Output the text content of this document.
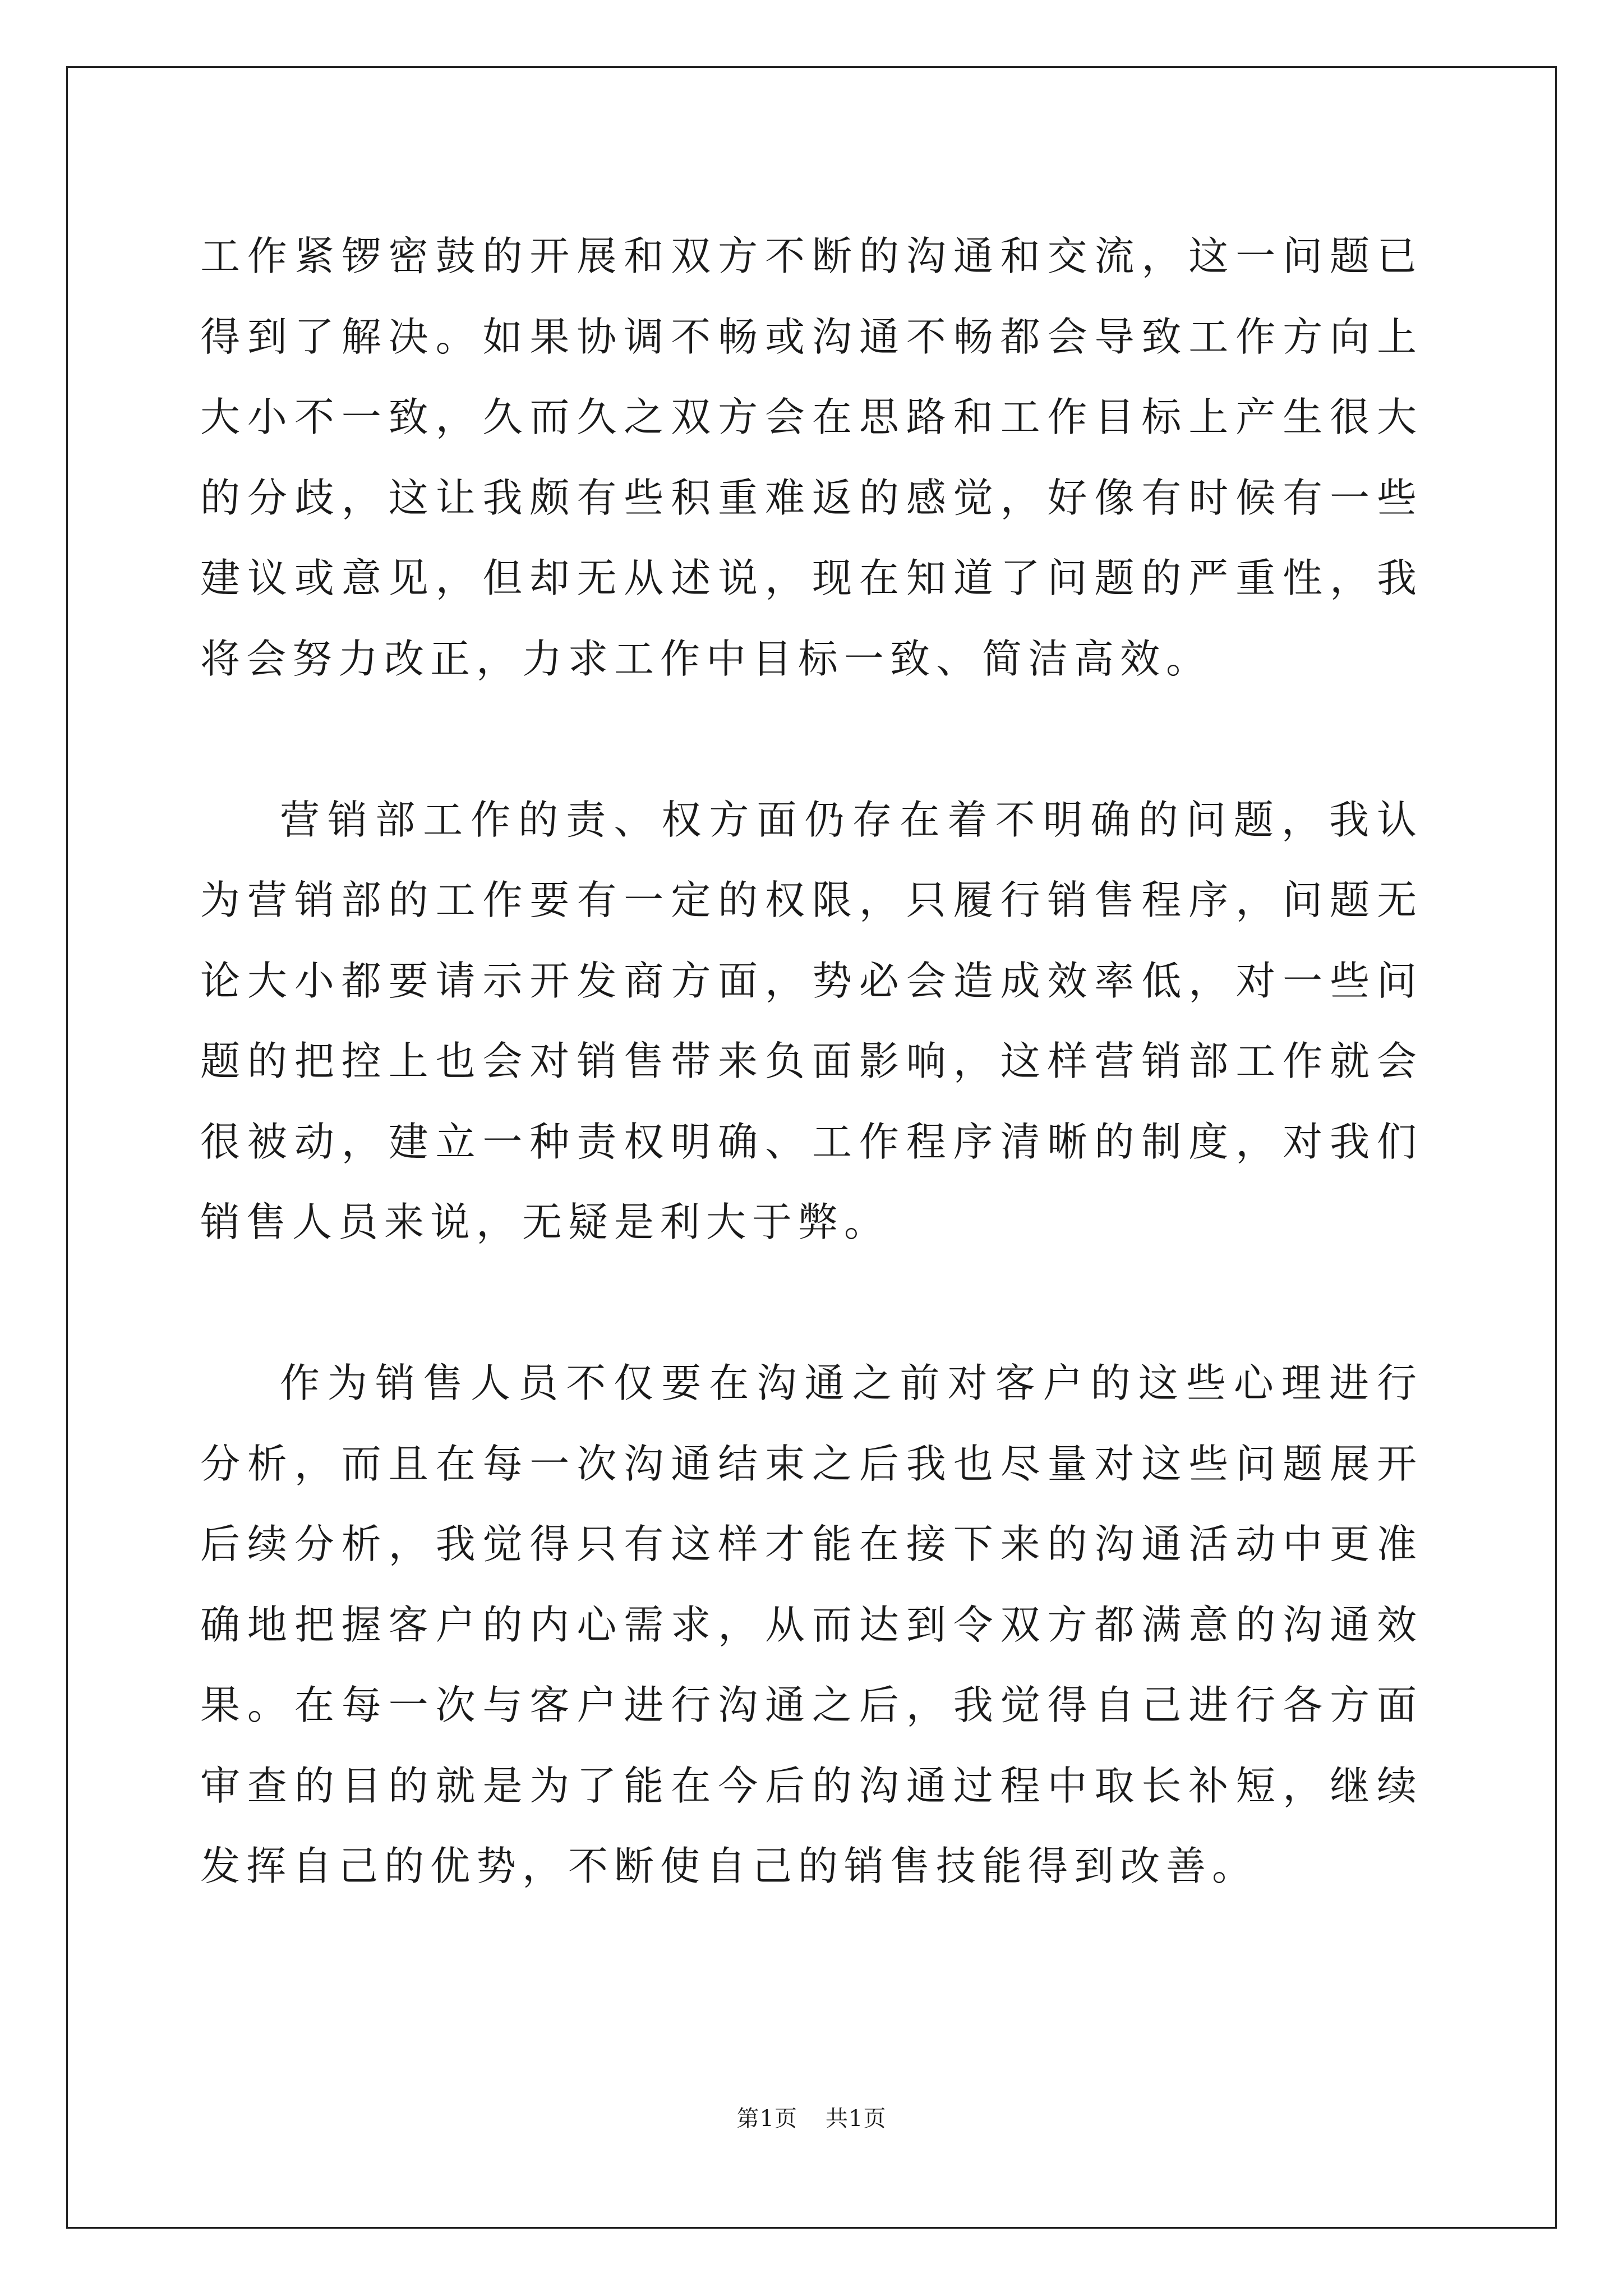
工作紧锣密鼓的开展和双方不断的沟通和交流，这一问题已得到了解决。如果协调不畅或沟通不畅都会导致工作方向上大小不一致，久而久之双方会在思路和工作目标上产生很大的分歧，这让我颇有些积重难返的感觉，好像有时候有一些建议或意见，但却无从述说，现在知道了问题的严重性，我将会努力改正，力求工作中目标一致、简洁高效。

营销部工作的责、权方面仍存在着不明确的问题，我认为营销部的工作要有一定的权限，只履行销售程序，问题无论大小都要请示开发商方面，势必会造成效率低，对一些问题的把控上也会对销售带来负面影响，这样营销部工作就会很被动，建立一种责权明确、工作程序清晰的制度，对我们销售人员来说，无疑是利大于弊。

作为销售人员不仅要在沟通之前对客户的这些心理进行分析，而且在每一次沟通结束之后我也尽量对这些问题展开后续分析，我觉得只有这样才能在接下来的沟通活动中更准确地把握客户的内心需求，从而达到令双方都满意的沟通效果。在每一次与客户进行沟通之后，我觉得自己进行各方面审查的目的就是为了能在今后的沟通过程中取长补短，继续发挥自己的优势，不断使自己的销售技能得到改善。

第1页 共1页
